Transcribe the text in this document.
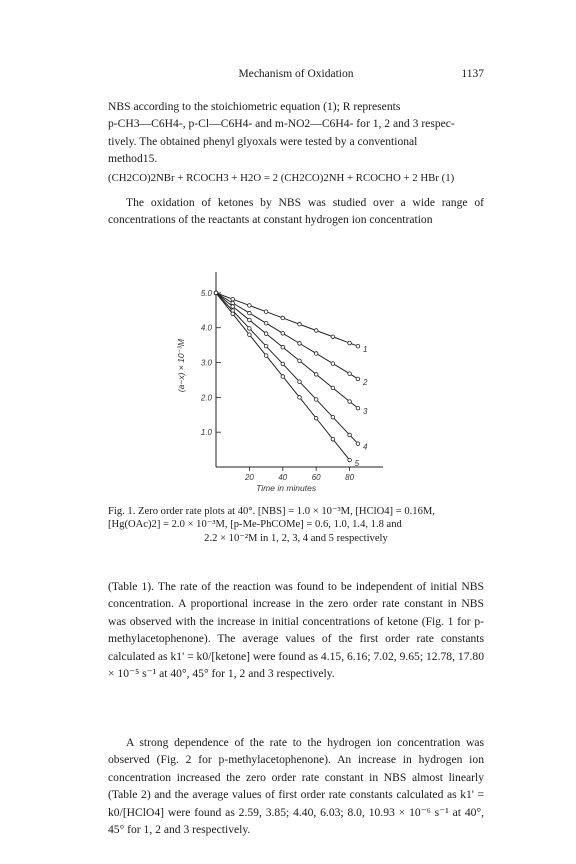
Mechanism of Oxidation	1137

NBS according to the stoichiometric equation (1); R represents
p-CH3—C6H4-, p-Cl—C6H4- and m-NO2—C6H4- for 1, 2 and 3 respec-
tively. The obtained phenyl glyoxals were tested by a conventional
method15.

(CH2CO)2NBr + RCOCH3 + H2O = 2 (CH2CO)2NH + RCOCHO + 2 HBr (1)

The oxidation of ketones by NBS was studied over a wide range of concentrations of the reactants at constant hydrogen ion concentration

1.0
2.0
3.0
4.0
5.0
20	40	60	80
Time in minutes
(a−x) × 10⁻³M	1
2
3
4
5
Fig. 1. Zero order rate plots at 40°. [NBS] = 1.0 × 10⁻³M, [HClO4] = 0.16M,
[Hg(OAc)2] = 2.0 × 10⁻³M, [p-Me-PhCOMe] = 0.6, 1.0, 1.4, 1.8 and
2.2 × 10⁻²M in 1, 2, 3, 4 and 5 respectively

(Table 1). The rate of the reaction was found to be independent of initial NBS concentration. A proportional increase in the zero order rate constant in NBS was observed with the increase in initial concentrations of ketone (Fig. 1 for p-methylacetophenone). The average values of the first order rate constants calculated as k1' = k0/[ketone] were found as 4.15, 6.16; 7.02, 9.65; 12.78, 17.80 × 10⁻⁵ s⁻¹ at 40°, 45° for 1, 2 and 3 respectively.

A strong dependence of the rate to the hydrogen ion concentration was observed (Fig. 2 for p-methylacetophenone). An increase in hydrogen ion concentration increased the zero order rate constant in NBS almost linearly (Table 2) and the average values of first order rate constants calculated as k1' = k0/[HClO4] were found as 2.59, 3.85; 4.40, 6.03; 8.0, 10.93 × 10⁻⁶ s⁻¹ at 40°, 45° for 1, 2 and 3 respectively.
